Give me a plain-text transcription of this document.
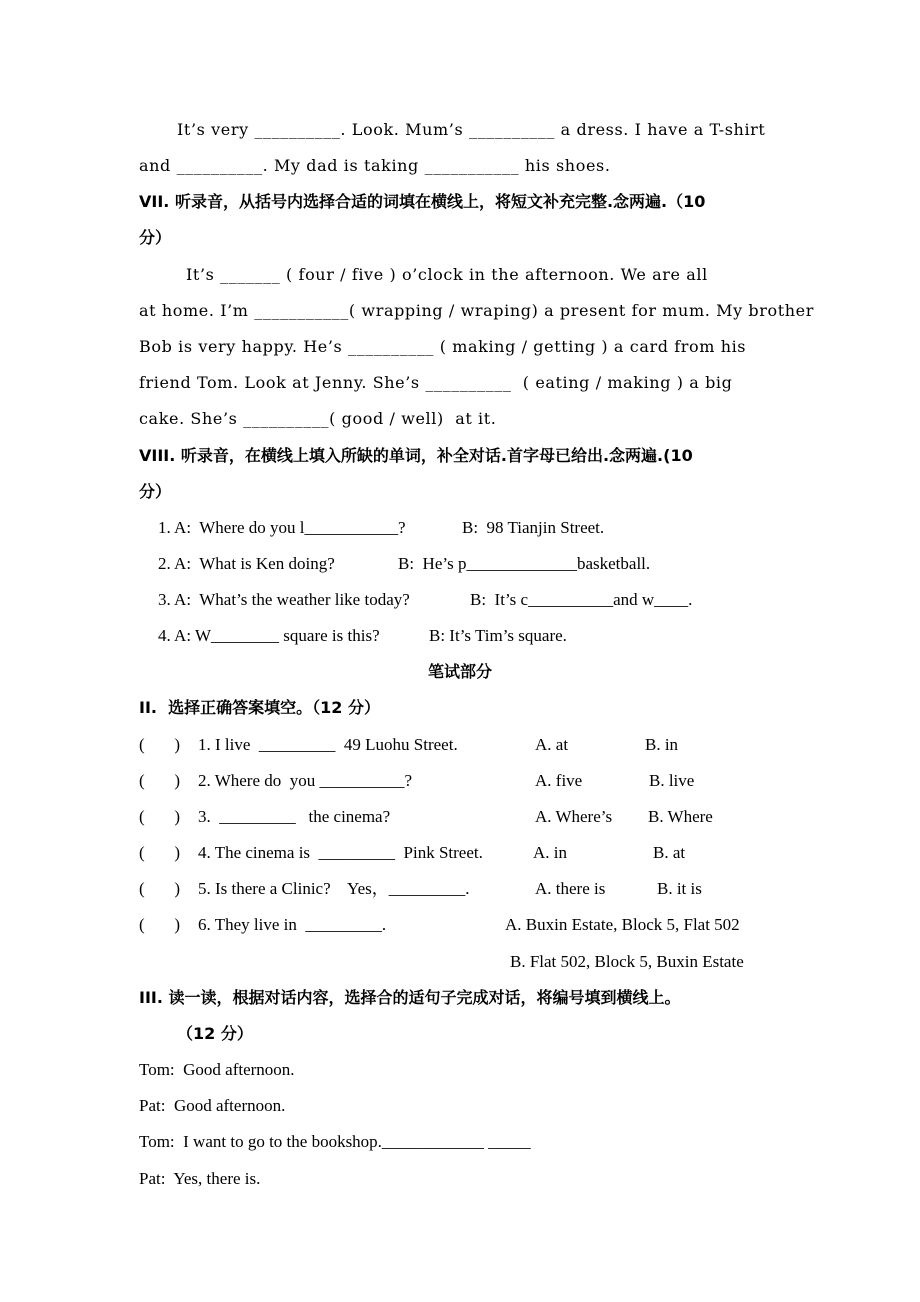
It’s very __________. Look. Mum’s __________ a dress. I have a T-shirt
and __________. My dad is taking ___________ his shoes.
VII. 听录音，从括号内选择合适的词填在横线上，将短文补充完整.念两遍.（10
分）
It’s _______ ( four / five ) o’clock in the afternoon. We are all
at home. I’m ___________( wrapping / wraping) a present for mum. My brother
Bob is very happy. He’s __________ ( making / getting ) a card from his
friend Tom. Look at Jenny. She’s __________  ( eating / making ) a big
cake. She’s __________( good / well)  at it.
VIII. 听录音，在横线上填入所缺的单词，补全对话.首字母已给出.念两遍.(10
分）
1. A:  Where do you l___________?	B:  98 Tianjin Street.
2. A:  What is Ken doing?	B:  He’s p_____________basketball.
3. A:  What’s the weather like today?	B:  It’s c__________and w____.
4. A: W________ square is this?	B: It’s Tim’s square.
笔试部分
II.  选择正确答案填空。（12 分）
(       ) 1. I live  _________  49 Luohu Street.	A. at	B. in
(       ) 2. Where do  you __________?	A. five	B. live
(       ) 3.  _________   the cinema?	A. Where’s B. Where
(       ) 4. The cinema is  _________  Pink Street.	A. in	B. at
(       ) 5. Is there a Clinic?    Yes，_________.	A. there is	B. it is
(       ) 6. They live in  _________.	A. Buxin Estate, Block 5, Flat 502
B. Flat 502, Block 5, Buxin Estate
III. 读一读，根据对话内容，选择合的适句子完成对话，将编号填到横线上。
（12 分）
Tom:  Good afternoon.
Pat:  Good afternoon.
Tom:  I want to go to the bookshop.____________ _____
Pat:  Yes, there is.
